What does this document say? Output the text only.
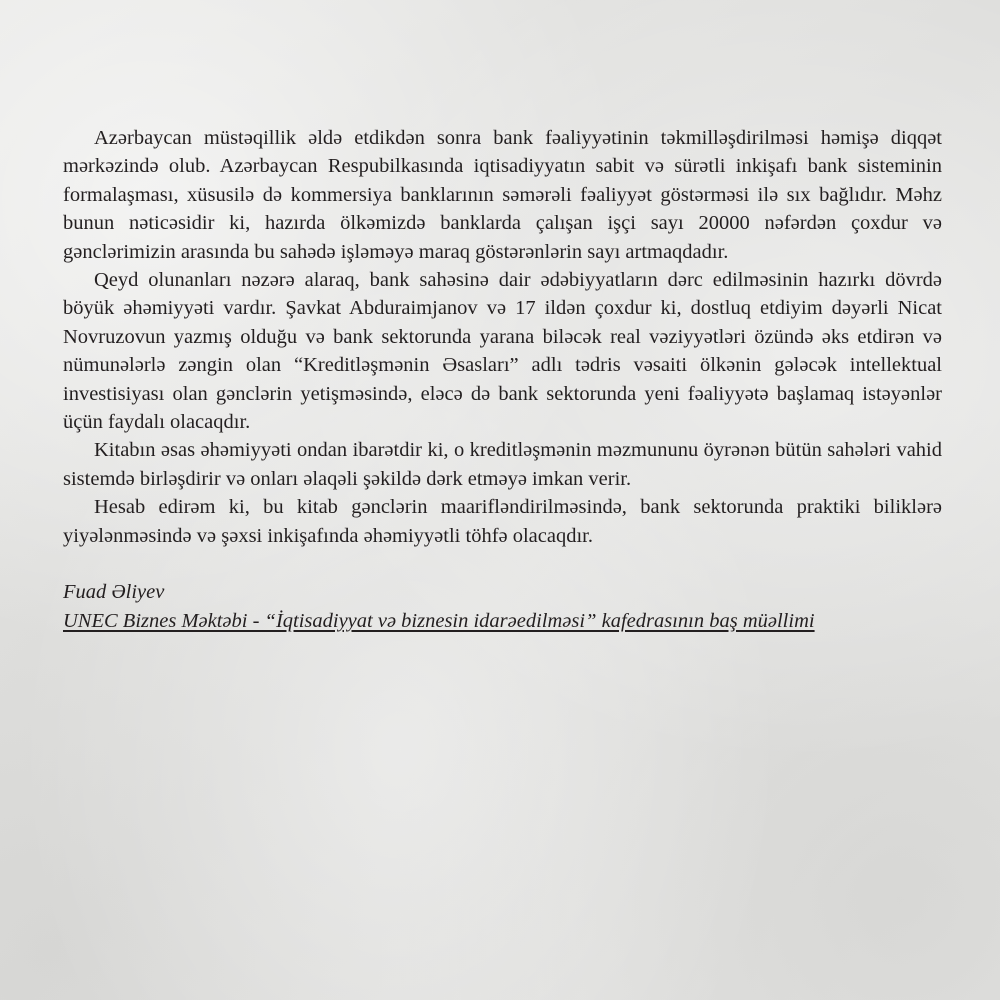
Azərbaycan müstəqillik əldə etdikdən sonra bank fəaliyyətinin təkmilləşdirilməsi həmişə diqqət mərkəzində olub. Azərbaycan Respubilkasında iqtisadiyyatın sabit və sürətli inkişafı bank sisteminin formalaşması, xüsusilə də kommersiya banklarının səmərəli fəaliyyət göstərməsi ilə sıx bağlıdır. Məhz bunun nəticəsidir ki, hazırda ölkəmizdə banklarda çalışan işçi sayı 20000 nəfərdən çoxdur və gənclərimizin arasında bu sahədə işləməyə maraq göstərənlərin sayı artmaqdadır.

Qeyd olunanları nəzərə alaraq, bank sahəsinə dair ədəbiyyatların dərc edilməsinin hazırkı dövrdə böyük əhəmiyyəti vardır. Şavkat Abduraimjanov və 17 ildən çoxdur ki, dostluq etdiyim dəyərli Nicat Novruzovun yazmış olduğu və bank sektorunda yarana biləcək real vəziyyətləri özündə əks etdirən və nümunələrlə zəngin olan “Kreditləşmənin Əsasları” adlı tədris vəsaiti ölkənin gələcək intellektual investisiyası olan gənclərin yetişməsində, eləcə də bank sektorunda yeni fəaliyyətə başlamaq istəyənlər üçün faydalı olacaqdır.

Kitabın əsas əhəmiyyəti ondan ibarətdir ki, o kreditləşmənin məzmununu öyrənən bütün sahələri vahid sistemdə birləşdirir və onları əlaqəli şəkildə dərk etməyə imkan verir.

Hesab edirəm ki, bu kitab gənclərin maarifləndirilməsində, bank sektorunda praktiki biliklərə yiyələnməsində və şəxsi inkişafında əhəmiyyətli töhfə olacaqdır.

Fuad Əliyev
UNEC Biznes Məktəbi - “İqtisadiyyat və biznesin idarəedilməsi” kafedrasının baş müəllimi
